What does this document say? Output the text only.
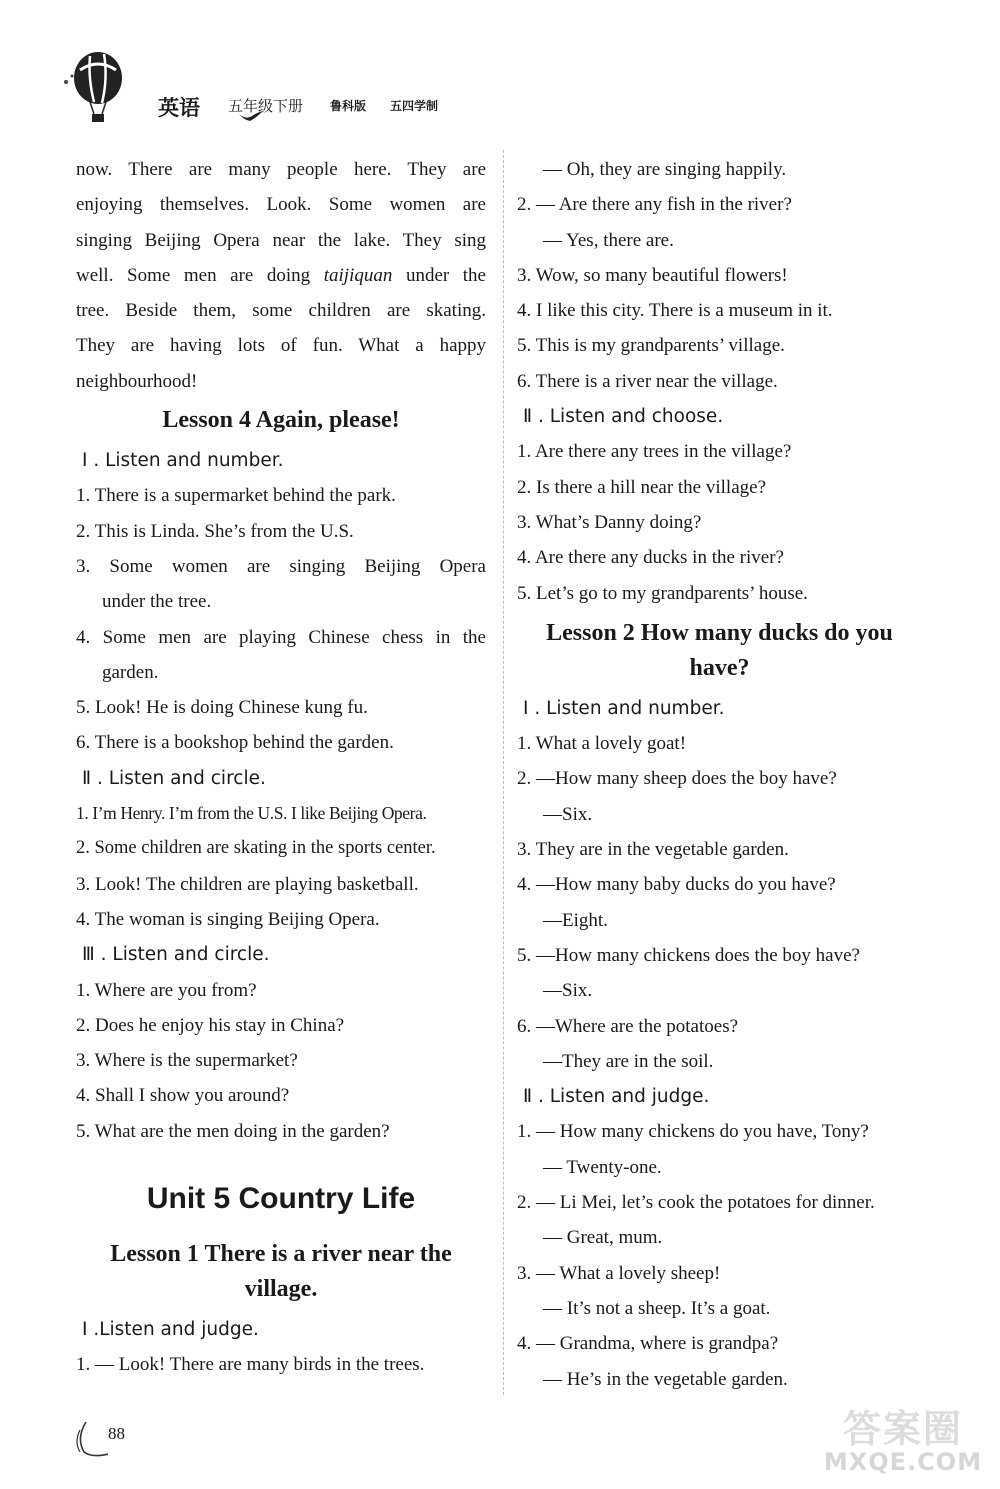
英语 五年级下册 鲁科版 五四学制
now. There are many people here. They are
enjoying themselves. Look. Some women are
singing Beijing Opera near the lake. They sing
well. Some men are doing taijiquan under the
tree. Beside them, some children are skating.
They are having lots of fun. What a happy
neighbourhood!
Lesson 4 Again, please!
Ⅰ . Listen and number.
1. There is a supermarket behind the park.
2. This is Linda. She’s from the U.S.
3. Some women are singing Beijing Opera
under the tree.
4. Some men are playing Chinese chess in the
garden.
5. Look! He is doing Chinese kung fu.
6. There is a bookshop behind the garden.
Ⅱ . Listen and circle.
1. I’m Henry. I’m from the U.S. I like Beijing Opera.
2. Some children are skating in the sports center.
3. Look! The children are playing basketball.
4. The woman is singing Beijing Opera.
Ⅲ . Listen and circle.
1. Where are you from?
2. Does he enjoy his stay in China?
3. Where is the supermarket?
4. Shall I show you around?
5. What are the men doing in the garden?
Unit 5 Country Life
Lesson 1 There is a river near the
village.
Ⅰ .Listen and judge.
1. — Look! There are many birds in the trees.
— Oh, they are singing happily.
2. — Are there any fish in the river?
— Yes, there are.
3. Wow, so many beautiful flowers!
4. I like this city. There is a museum in it.
5. This is my grandparents’ village.
6. There is a river near the village.
Ⅱ . Listen and choose.
1. Are there any trees in the village?
2. Is there a hill near the village?
3. What’s Danny doing?
4. Are there any ducks in the river?
5. Let’s go to my grandparents’ house.
Lesson 2 How many ducks do you
have?
Ⅰ . Listen and number.
1. What a lovely goat!
2. —How many sheep does the boy have?
—Six.
3. They are in the vegetable garden.
4. —How many baby ducks do you have?
—Eight.
5. —How many chickens does the boy have?
—Six.
6. —Where are the potatoes?
—They are in the soil.
Ⅱ . Listen and judge.
1. — How many chickens do you have, Tony?
— Twenty-one.
2. — Li Mei, let’s cook the potatoes for dinner.
— Great, mum.
3. — What a lovely sheep!
— It’s not a sheep. It’s a goat.
4. — Grandma, where is grandpa?
— He’s in the vegetable garden.
88	答案圈
MXQE.COM
